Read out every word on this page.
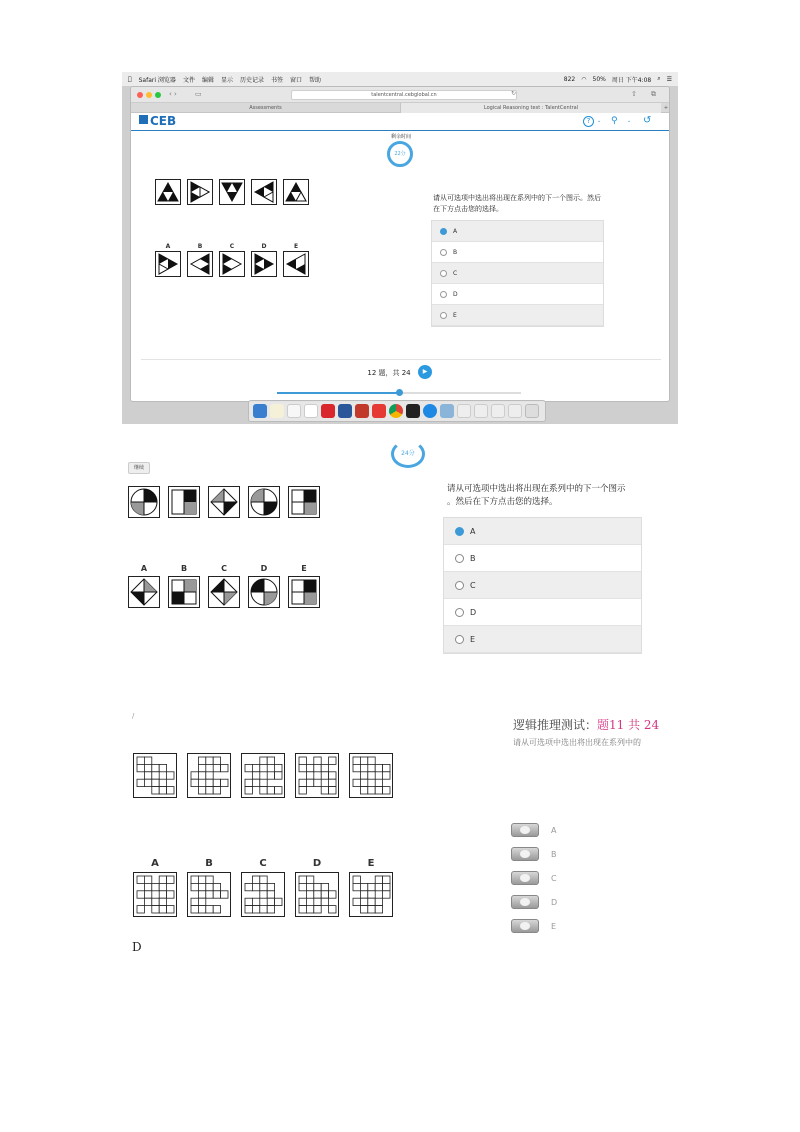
Safari 浏览器 文件 编辑 显示 历史记录 书签 窗口 帮助	822 ◠ 50% 周日 下午4:08 ⌕ ☰
‹ ›	▭	talentcentral.cebglobal.cn	↻	⇧ ⧉
Assessments	Logical Reasoning test : TalentCentral	+
CEB	?	⌄ ⚲ ⌄ ↺
剩余时间
22分
A	B	C	D	E
请从可选项中选出将出现在系列中的下一个图示。然后在下方点击您的选择。
A
B
C
D
E
12 题，共 24	▶
24分
继续
A	B	C	D	E
请从可选项中选出将出现在系列中的下一个图示
。然后在下方点击您的选择。
A
B
C
D
E
/
逻辑推理测试：题11 共 24
请从可选项中选出将出现在系列中的
A	B	C	D	E
A
B
C
D
E
D
